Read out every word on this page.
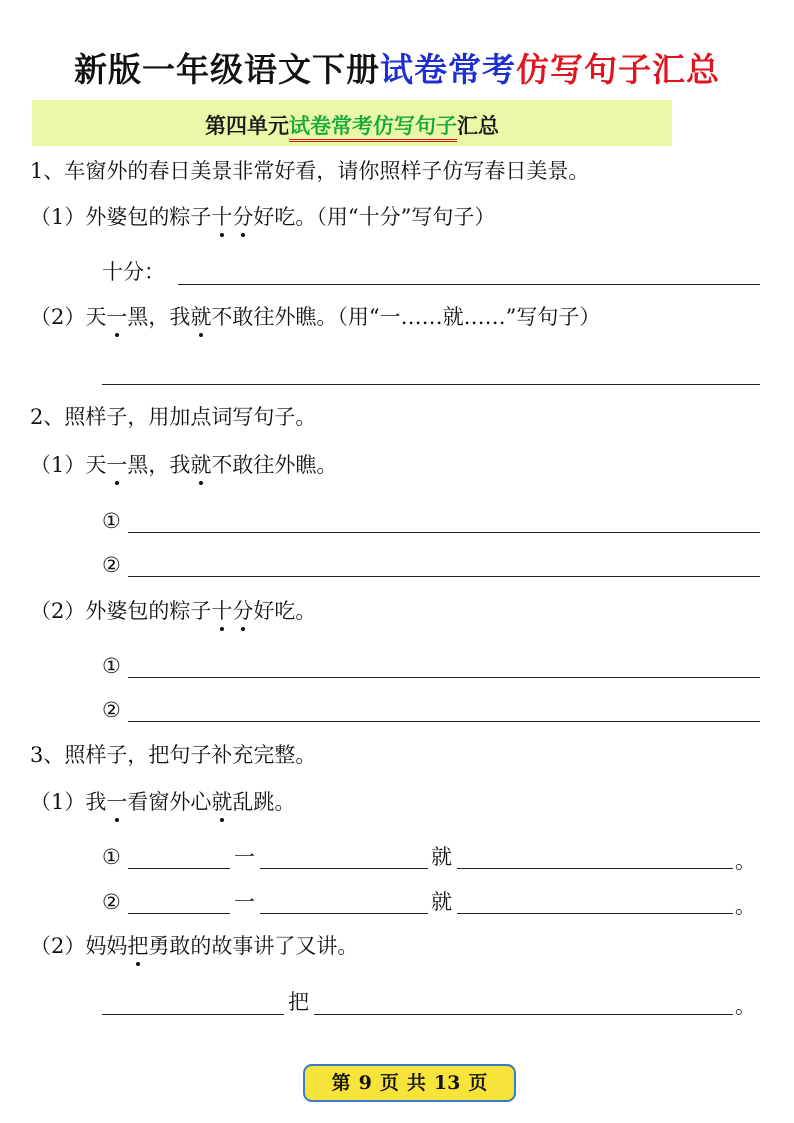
新版一年级语文下册试卷常考仿写句子汇总
第四单元试卷常考仿写句子汇总
1、车窗外的春日美景非常好看，请你照样子仿写春日美景。
（1）外婆包的粽子十分好吃。（用“十分”写句子）
十分：
（2）天一黑，我就不敢往外瞧。（用“一……就……”写句子）
2、照样子，用加点词写句子。
（1）天一黑，我就不敢往外瞧。
①
②
（2）外婆包的粽子十分好吃。
①
②
3、照样子，把句子补充完整。
（1）我一看窗外心就乱跳。
①	一	就	。
②	一	就	。
（2）妈妈把勇敢的故事讲了又讲。
把	。
第 9 页 共 13 页
